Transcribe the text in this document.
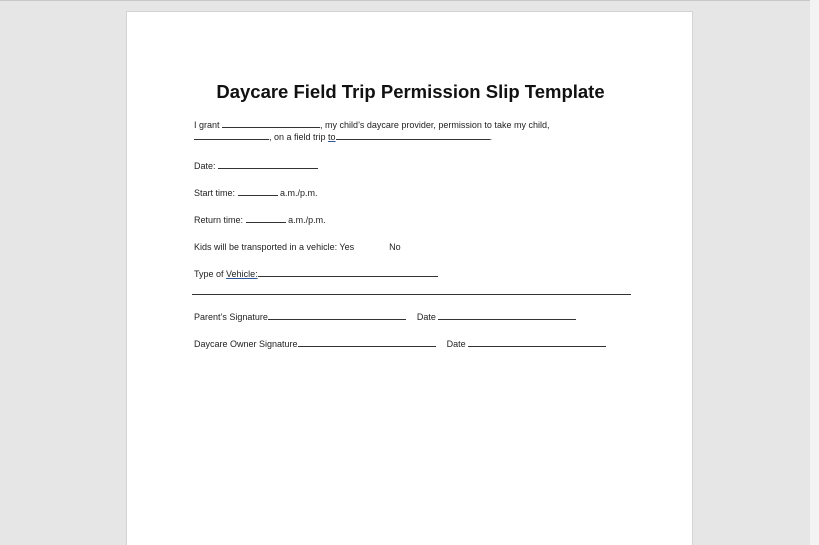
Daycare Field Trip Permission Slip Template
I grant	, my child’s daycare provider, permission to take my child,
, on a field trip to	.
Date:
Start time:	a.m./p.m.
Return time:	a.m./p.m.
Kids will be transported in a vehicle: Yes	No
Type of Vehicle:
Parent’s Signature	Date
Daycare Owner Signature	Date
